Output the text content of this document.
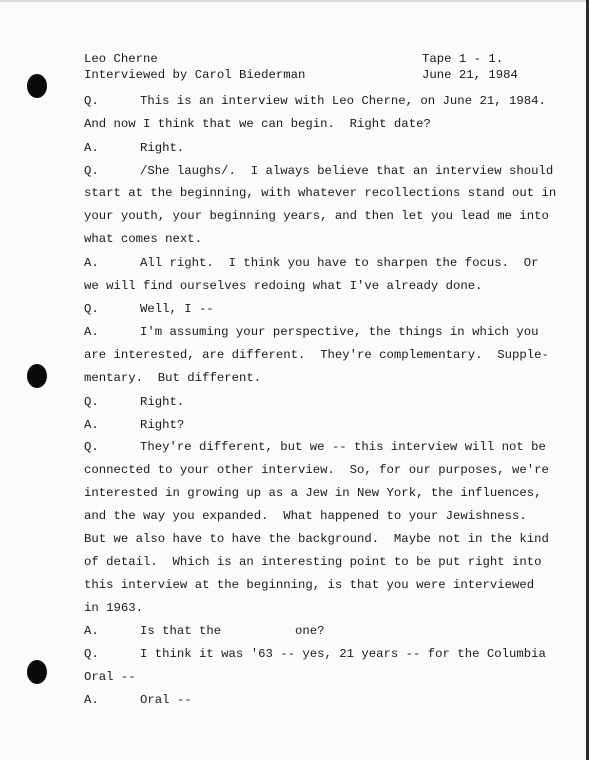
Leo Cherne
Interviewed by Carol Biederman
Tape 1 - 1.
June 21, 1984
Q.	This is an interview with Leo Cherne, on June 21, 1984.
And now I think that we can begin.  Right date?
A.	Right.
Q.	/She laughs/.  I always believe that an interview should
start at the beginning, with whatever recollections stand out in
your youth, your beginning years, and then let you lead me into
what comes next.
A.	All right.  I think you have to sharpen the focus.  Or
we will find ourselves redoing what I've already done.
Q.	Well, I --
A.	I'm assuming your perspective, the things in which you
are interested, are different.  They're complementary.  Supple-
mentary.  But different.
Q.	Right.
A.	Right?
Q.	They're different, but we -- this interview will not be
connected to your other interview.  So, for our purposes, we're
interested in growing up as a Jew in New York, the influences,
and the way you expanded.  What happened to your Jewishness.
But we also have to have the background.  Maybe not in the kind
of detail.  Which is an interesting point to be put right into
this interview at the beginning, is that you were interviewed
in 1963.
A.	Is that the          one?
Q.	I think it was '63 -- yes, 21 years -- for the Columbia
Oral --
A.	Oral --
